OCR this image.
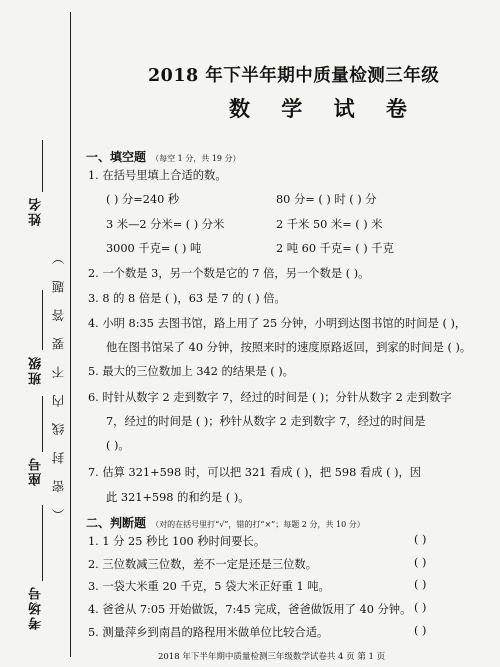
姓名
（ 密 封 线 内 不 要 答 题 ）
班级
座号
考场号
2018 年下半年期中质量检测三年级
数 学 试 卷
一、填空题 （每空 1 分，共 19 分）
1. 在括号里填上合适的数。
( ) 分=240 秒	80 分= ( ) 时 ( ) 分
3 米—2 分米= ( ) 分米	2 千米 50 米= ( ) 米
3000 千克= ( ) 吨	2 吨 60 千克= ( ) 千克
2. 一个数是 3，另一个数是它的 7 倍，另一个数是 ( )。
3. 8 的 8 倍是 ( )，63 是 7 的 ( ) 倍。
4. 小明 8:35 去图书馆，路上用了 25 分钟，小明到达图书馆的时间是 ( )，
他在图书馆呆了 40 分钟，按照来时的速度原路返回，到家的时间是 ( )。
5. 最大的三位数加上 342 的结果是 ( )。
6. 时针从数字 2 走到数字 7，经过的时间是 ( )；分针从数字 2 走到数字
7，经过的时间是 ( )；秒针从数字 2 走到数字 7，经过的时间是
( )。
7. 估算 321+598 时，可以把 321 看成 ( )，把 598 看成 ( )，因
此 321+598 的和约是 ( )。
二、判断题 （对的在括号里打“√”，错的打“×”；每题 2 分，共 10 分）
1. 1 分 25 秒比 100 秒时间要长。	( )
2. 三位数减三位数，差不一定是还是三位数。	( )
3. 一袋大米重 20 千克，5 袋大米正好重 1 吨。	( )
4. 爸爸从 7:05 开始做饭，7:45 完成，爸爸做饭用了 40 分钟。 ( )
5. 测量萍乡到南昌的路程用米做单位比较合适。	( )
2018 年下半年期中质量检测三年级数学试卷共 4 页 第 1 页
